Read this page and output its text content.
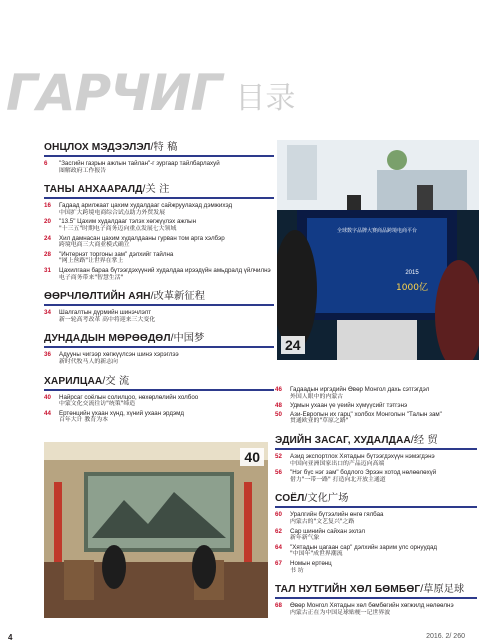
ГАРЧИГ 目录
ОНЦЛОХ МЭДЭЭЛЭЛ/特 稿
6	"Засгийн газрын ажлын тайлан"-г зургаар тайлбарлахуй
图解政府工作报告
ТАНЫ АНХААРАЛД/关 注
16	Гадаад арилжаат цахим худалдааг сайжруулахад дэмжихэд
中国扩大跨境电商综合试点助力外贸发展
20	"13.5" Цахим худалдааг тэлэх хөгжүүлэх ажлын
"十三五"时期电子商务迈向重点发展七大领域
24	Хил дамнасан цахим худалдааны гурван том арга хэлбэр
跨境电商三大商业模式确立
28	"Интернэт торгоны зам" дэлхийг тайлна
"网上丝路"让世界在掌上
31	Цахилгаан бараа бүтээгдэхүүний худалдаа ирээдүйн амьдралд үйлчилнэ
电子商务带来"智慧生活"
ӨӨРЧЛӨЛТИЙН АЯН/改革新征程
34	Шалгалтын дүрмийн шинэчлэлт
新一轮高考改革 高中将迎来三大变化
ДУНДАДЫН МӨРӨӨДӨЛ/中国梦
36	Адууны чигээр хөгжүүлсэн шинэ хэрэглээ
新时代牧马人的新志向
ХАРИЛЦАА/交 流
40	Найрсаг соёлын солилцоо, нөхөрлөлийн холбоо
中蒙文化交流往访"统策"缔造
44	Ертөнцийн ухаан хүнд, хүний ухаан эрдэмд
百年大计 教育为本
全球数字品牌大赛商品跨境电商平台
2015
1000亿
24
46	Гадаадын иргэдийн Өвөр Монгол дахь сэтгэгдэл
外国人眼中的内蒙古
48	Удмын ухаан үе үеийн хүмүүсийг тэтгэнэ
50	Ази-Европын их гарц" холбох Монголын "Талын зам"
贯通欧亚的"草原之路"
ЭДИЙН ЗАСАГ, ХУДАЛДАА/经 贸
52	Азид экспортлох Хятадын бүтээгдэхүүн нэмэгдэнэ
中国向亚洲国家出口的产品迈向高端
56	"Нэг бүс нэг зам" бодлого Эрээн хотод нөлөөлөхүй
借力"一带一路" 打造向北开放主通道
СОЁЛ/文化广场
60	Уралгийн бүтээлийн өнгө гялбаа
内蒙古的"文艺复兴"之路
62	Сар шинийн сайхан эхлэл
新年新气象
64	"Хятадын цагаан сар" дэлхийн зарим улс орнуудад
"中国年"成世界潮流
67	Номын ертөнц
书 坊
ТАЛ НУТГИЙН ХӨЛ БӨМБӨГ/草原足球
68	Өвөр Монгол Хятадын хөл бөмбөгийн хөгжилд нөлөөлнэ
内蒙古正在为中国足球贴梗一记世界波
40
4	2016. 2/ 260
